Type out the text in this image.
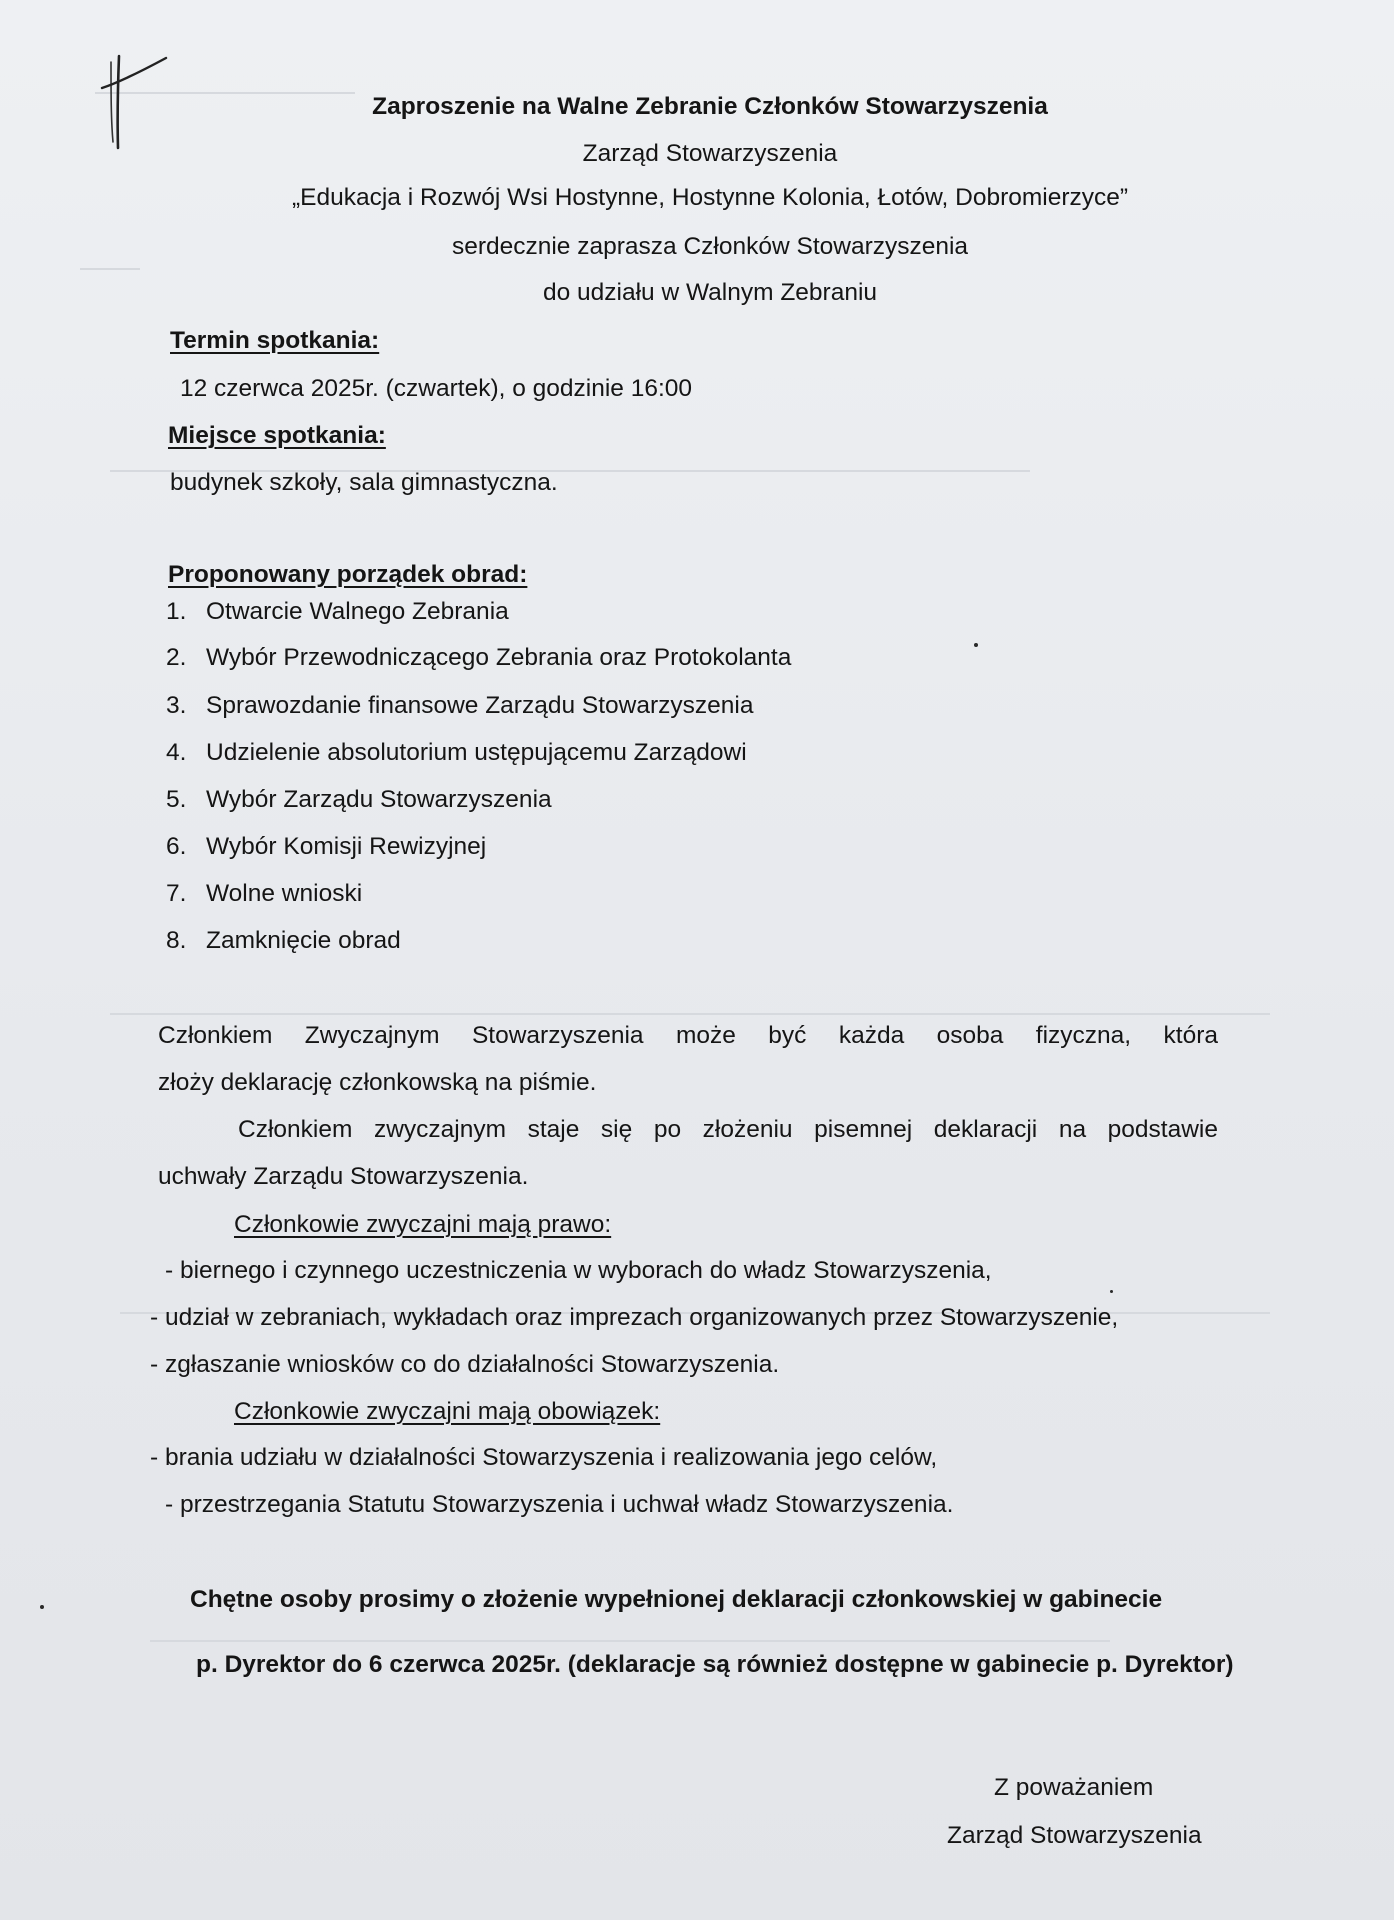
Zaproszenie na Walne Zebranie Członków Stowarzyszenia
Zarząd Stowarzyszenia
„Edukacja i Rozwój Wsi Hostynne, Hostynne Kolonia, Łotów, Dobromierzyce”
serdecznie zaprasza Członków Stowarzyszenia
do udziału w Walnym Zebraniu
Termin spotkania:
12 czerwca 2025r. (czwartek), o godzinie 16:00
Miejsce spotkania:
budynek szkoły, sala gimnastyczna.
Proponowany porządek obrad:
1. Otwarcie Walnego Zebrania
2. Wybór Przewodniczącego Zebrania oraz Protokolanta
3. Sprawozdanie finansowe Zarządu Stowarzyszenia
4. Udzielenie absolutorium ustępującemu Zarządowi
5. Wybór Zarządu Stowarzyszenia
6. Wybór Komisji Rewizyjnej
7. Wolne wnioski
8. Zamknięcie obrad
Członkiem Zwyczajnym Stowarzyszenia może być każda osoba fizyczna, która
złoży deklarację członkowską na piśmie.
Członkiem zwyczajnym staje się po złożeniu pisemnej deklaracji na podstawie
uchwały Zarządu Stowarzyszenia.
Członkowie zwyczajni mają prawo:
- biernego i czynnego uczestniczenia w wyborach do władz Stowarzyszenia,
- udział w zebraniach, wykładach oraz imprezach organizowanych przez Stowarzyszenie,
- zgłaszanie wniosków co do działalności Stowarzyszenia.
Członkowie zwyczajni mają obowiązek:
- brania udziału w działalności Stowarzyszenia i realizowania jego celów,
- przestrzegania Statutu Stowarzyszenia i uchwał władz Stowarzyszenia.
Chętne osoby prosimy o złożenie wypełnionej deklaracji członkowskiej w gabinecie
p. Dyrektor do 6 czerwca 2025r. (deklaracje są również dostępne w gabinecie p. Dyrektor)
Z poważaniem
Zarząd Stowarzyszenia
